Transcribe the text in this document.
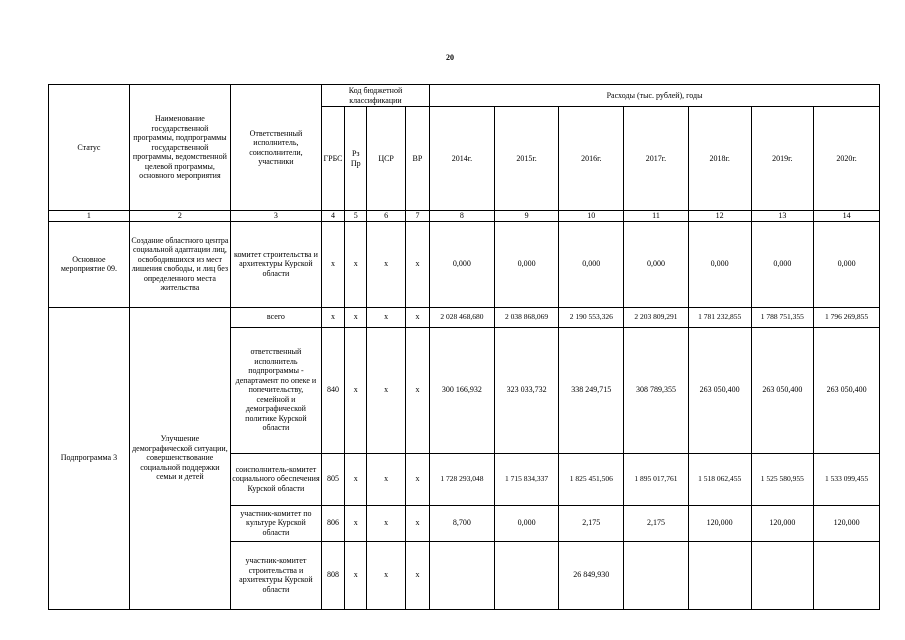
20
Статус	Наименование государственной программы, подпрограммы государственной программы, ведомственной целевой программы, основного мероприятия	Ответственный исполнитель, соисполнители, участники	Код бюджетной классификации				Расходы (тыс. рублей), годы						
			ГРБС	Рз Пр	ЦСР	ВР	2014г.	2015г.	2016г.	2017г.	2018г.	2019г.	2020г.
1	2	3	4	5	6	7	8	9	10	11	12	13	14
Основное мероприятие 09.	Создание областного центра социальной адаптации лиц, освободившихся из мест лишения свободы, и лиц без определенного места жительства	комитет строительства и архитектуры Курской области	x	x	x	x	0,000	0,000	0,000	0,000	0,000	0,000	0,000
Подпрограмма 3	Улучшение демографической ситуации, совершенствование социальной поддержки семьи и детей	всего	x	x	x	x	2 028 468,680	2 038 868,069	2 190 553,326	2 203 809,291	1 781 232,855	1 788 751,355	1 796 269,855
		ответственный исполнитель подпрограммы - департамент по опеке и попечительству, семейной и демографической политике Курской области	840	x	x	x	300 166,932	323 033,732	338 249,715	308 789,355	263 050,400	263 050,400	263 050,400
		соисполнитель-комитет социального обеспечения Курской области	805	x	x	x	1 728 293,048	1 715 834,337	1 825 451,506	1 895 017,761	1 518 062,455	1 525 580,955	1 533 099,455
		участник-комитет по культуре Курской области	806	x	x	x	8,700	0,000	2,175	2,175	120,000	120,000	120,000
		участник-комитет строительства и архитектуры Курской области	808	x	x	x			26 849,930				
